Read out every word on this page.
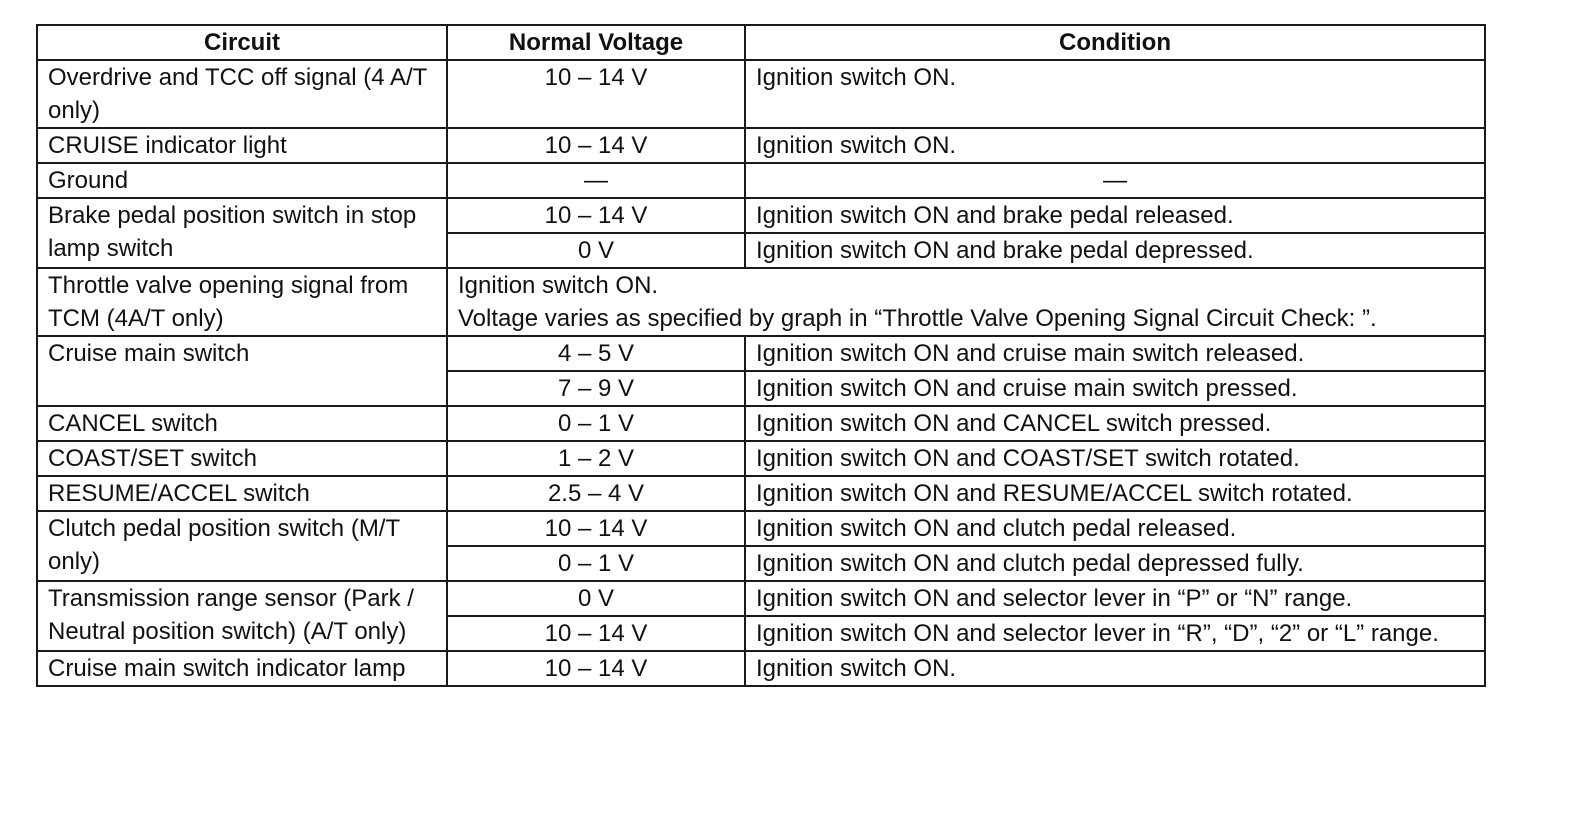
Circuit	Normal Voltage	Condition
Overdrive and TCC off signal (4 A/T only)	10 – 14 V	Ignition switch ON.
CRUISE indicator light	10 – 14 V	Ignition switch ON.
Ground	—	—
Brake pedal position switch in stop lamp switch	10 – 14 V	Ignition switch ON and brake pedal released.
	0 V	Ignition switch ON and brake pedal depressed.
Throttle valve opening signal from TCM (4A/T only)	Ignition switch ON.
Voltage varies as specified by graph in “Throttle Valve Opening Signal Circuit Check: ”.	

Cruise main switch	4 – 5 V	Ignition switch ON and cruise main switch released.
	7 – 9 V	Ignition switch ON and cruise main switch pressed.
CANCEL switch	0 – 1 V	Ignition switch ON and CANCEL switch pressed.
COAST/SET switch	1 – 2 V	Ignition switch ON and COAST/SET switch rotated.
RESUME/ACCEL switch	2.5 – 4 V	Ignition switch ON and RESUME/ACCEL switch rotated.
Clutch pedal position switch (M/T only)	10 – 14 V	Ignition switch ON and clutch pedal released.
	0 – 1 V	Ignition switch ON and clutch pedal depressed fully.
Transmission range sensor (Park / Neutral position switch) (A/T only)	0 V	Ignition switch ON and selector lever in “P” or “N” range.
	10 – 14 V	Ignition switch ON and selector lever in “R”, “D”, “2” or “L” range.
Cruise main switch indicator lamp	10 – 14 V	Ignition switch ON.
